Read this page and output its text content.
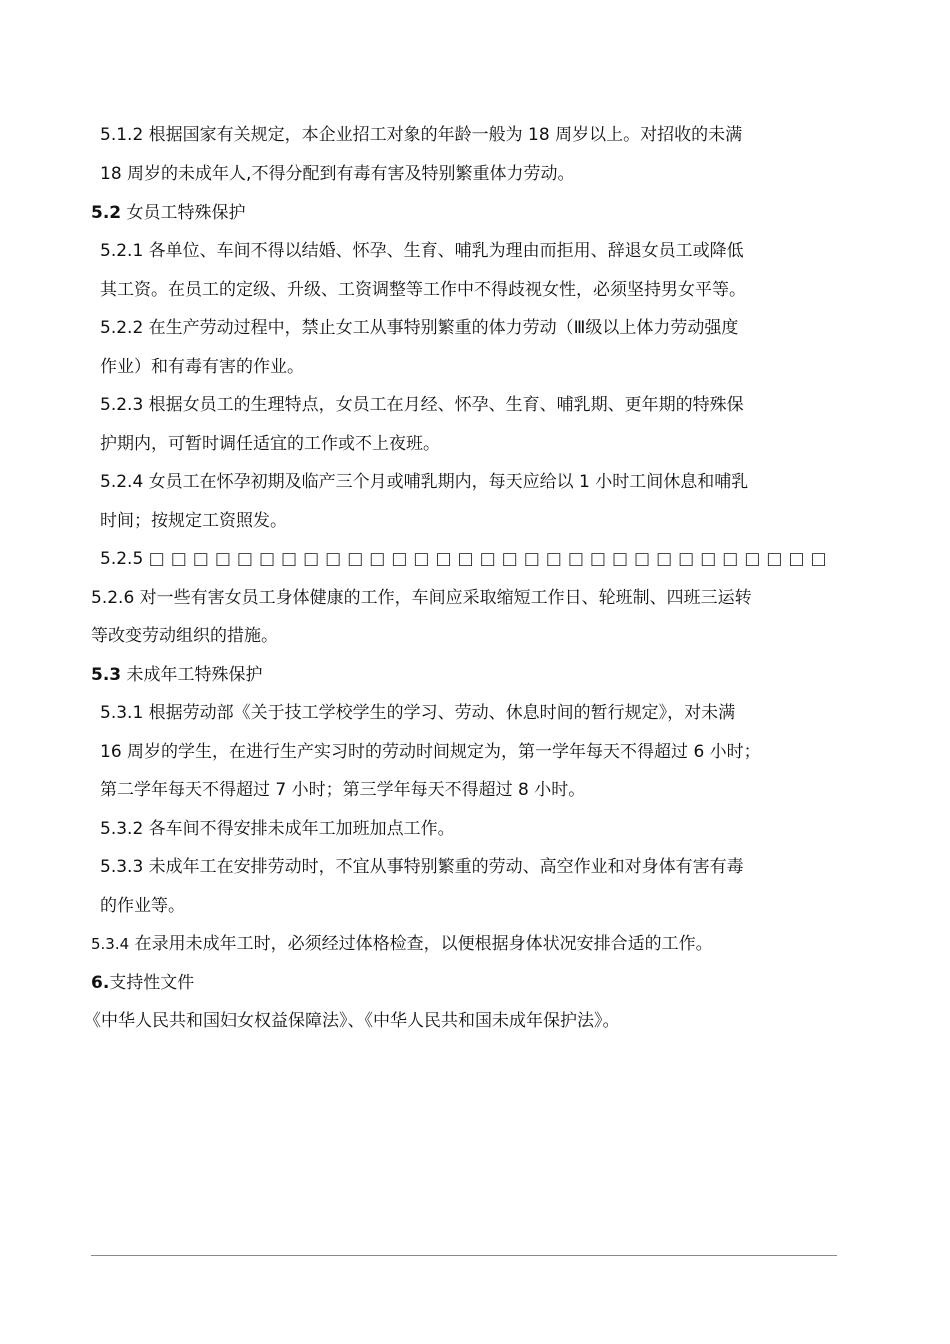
5.1.2 根据国家有关规定，本企业招工对象的年龄一般为 18 周岁以上。对招收的未满
18 周岁的未成年人,不得分配到有毒有害及特别繁重体力劳动。
5.2 女员工特殊保护
5.2.1 各单位、车间不得以结婚、怀孕、生育、哺乳为理由而拒用、辞退女员工或降低
其工资。在员工的定级、升级、工资调整等工作中不得歧视女性，必须坚持男女平等。
5.2.2 在生产劳动过程中，禁止女工从事特别繁重的体力劳动（Ⅲ级以上体力劳动强度
作业）和有毒有害的作业。
5.2.3 根据女员工的生理特点，女员工在月经、怀孕、生育、哺乳期、更年期的特殊保
护期内，可暂时调任适宜的工作或不上夜班。
5.2.4 女员工在怀孕初期及临产三个月或哺乳期内，每天应给以 1 小时工间休息和哺乳
时间；按规定工资照发。
5.2.5 □□□□□□□□□□□□□□□□□□□□□□□□□□□□□□□
5.2.6 对一些有害女员工身体健康的工作，车间应采取缩短工作日、轮班制、四班三运转
等改变劳动组织的措施。
5.3 未成年工特殊保护
5.3.1 根据劳动部《关于技工学校学生的学习、劳动、休息时间的暂行规定》，对未满
16 周岁的学生，在进行生产实习时的劳动时间规定为，第一学年每天不得超过 6 小时；
第二学年每天不得超过 7 小时；第三学年每天不得超过 8 小时。
5.3.2 各车间不得安排未成年工加班加点工作。
5.3.3 未成年工在安排劳动时，不宜从事特别繁重的劳动、高空作业和对身体有害有毒
的作业等。
5.3.4 在录用未成年工时，必须经过体格检查，以便根据身体状况安排合适的工作。
6.支持性文件
《中华人民共和国妇女权益保障法》、《中华人民共和国未成年保护法》。
